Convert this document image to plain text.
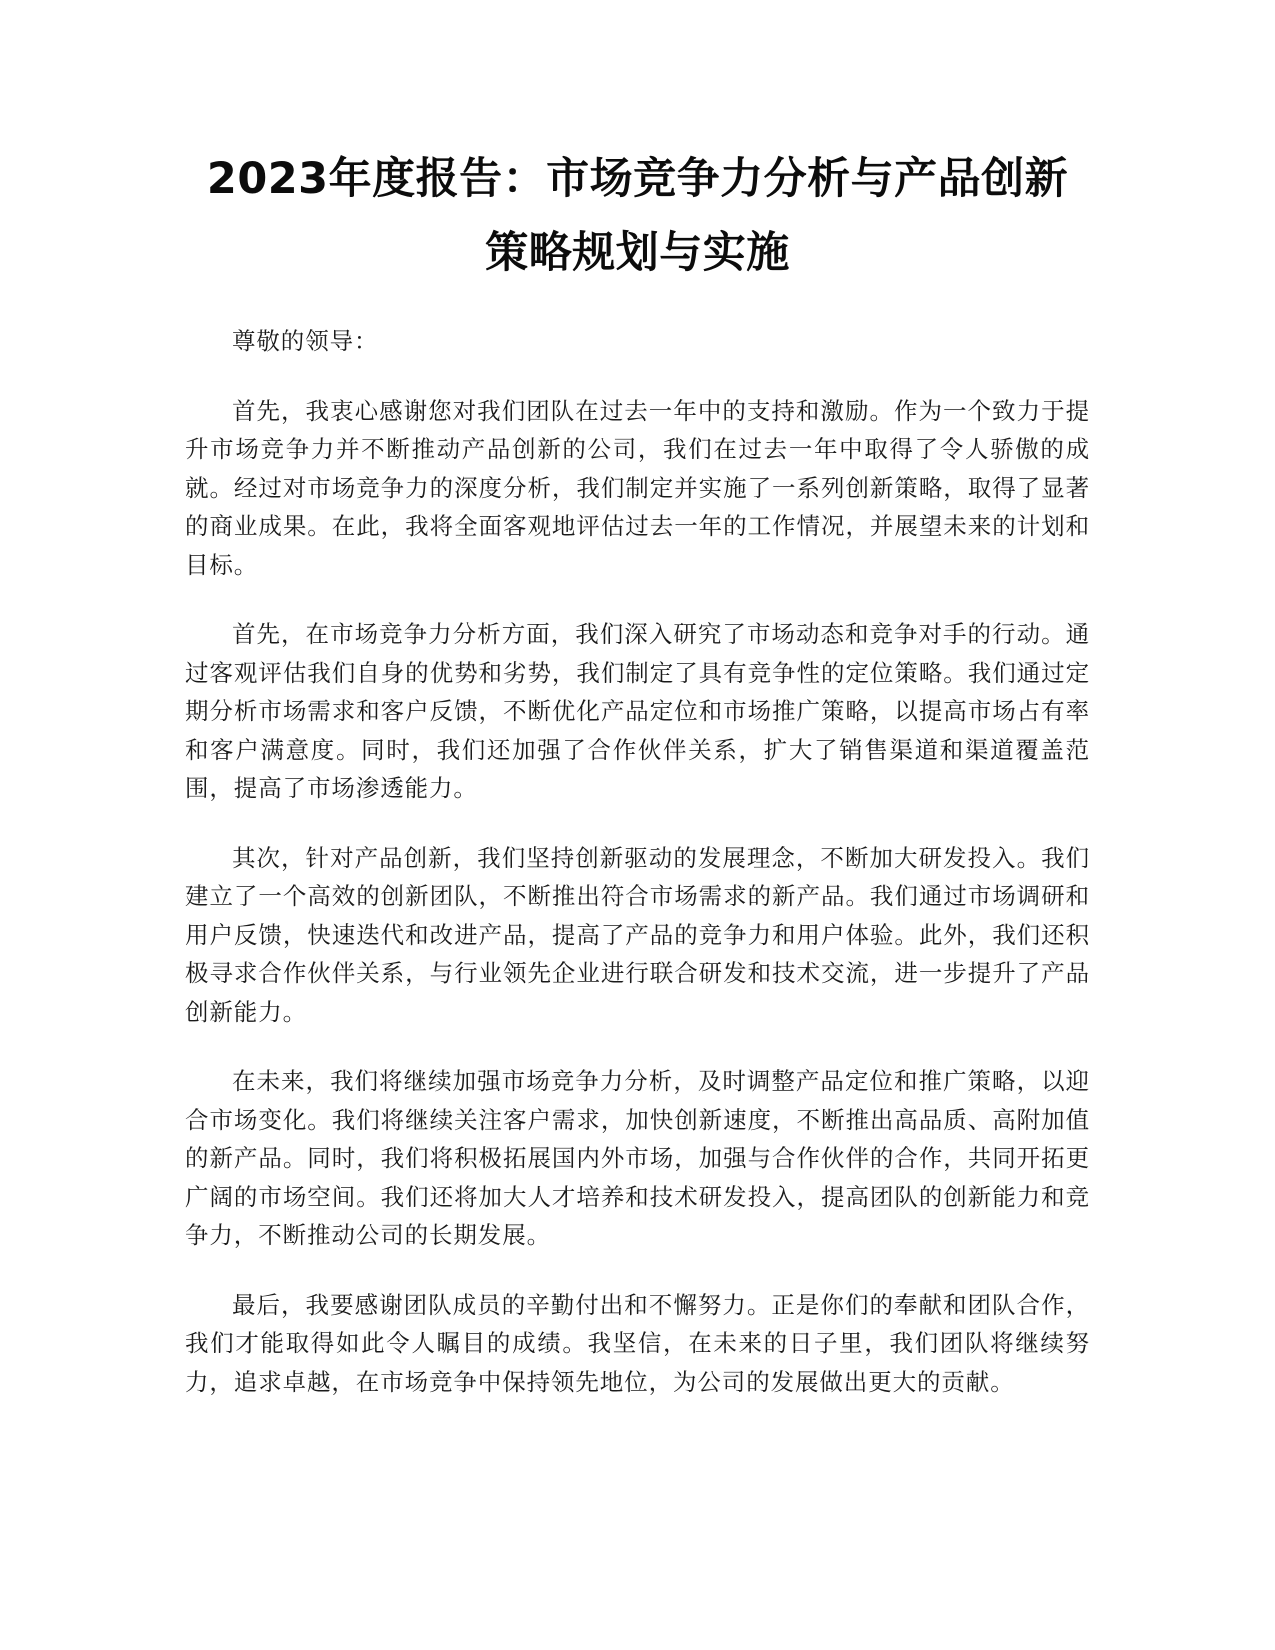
2023年度报告：市场竞争力分析与产品创新
策略规划与实施

尊敬的领导：

首先，我衷心感谢您对我们团队在过去一年中的支持和激励。作为一个致力于提升市场竞争力并不断推动产品创新的公司，我们在过去一年中取得了令人骄傲的成就。经过对市场竞争力的深度分析，我们制定并实施了一系列创新策略，取得了显著的商业成果。在此，我将全面客观地评估过去一年的工作情况，并展望未来的计划和目标。

首先，在市场竞争力分析方面，我们深入研究了市场动态和竞争对手的行动。通过客观评估我们自身的优势和劣势，我们制定了具有竞争性的定位策略。我们通过定期分析市场需求和客户反馈，不断优化产品定位和市场推广策略，以提高市场占有率和客户满意度。同时，我们还加强了合作伙伴关系，扩大了销售渠道和渠道覆盖范围，提高了市场渗透能力。

其次，针对产品创新，我们坚持创新驱动的发展理念，不断加大研发投入。我们建立了一个高效的创新团队，不断推出符合市场需求的新产品。我们通过市场调研和用户反馈，快速迭代和改进产品，提高了产品的竞争力和用户体验。此外，我们还积极寻求合作伙伴关系，与行业领先企业进行联合研发和技术交流，进一步提升了产品创新能力。

在未来，我们将继续加强市场竞争力分析，及时调整产品定位和推广策略，以迎合市场变化。我们将继续关注客户需求，加快创新速度，不断推出高品质、高附加值的新产品。同时，我们将积极拓展国内外市场，加强与合作伙伴的合作，共同开拓更广阔的市场空间。我们还将加大人才培养和技术研发投入，提高团队的创新能力和竞争力，不断推动公司的长期发展。

最后，我要感谢团队成员的辛勤付出和不懈努力。正是你们的奉献和团队合作，我们才能取得如此令人瞩目的成绩。我坚信，在未来的日子里，我们团队将继续努力，追求卓越，在市场竞争中保持领先地位，为公司的发展做出更大的贡献。
